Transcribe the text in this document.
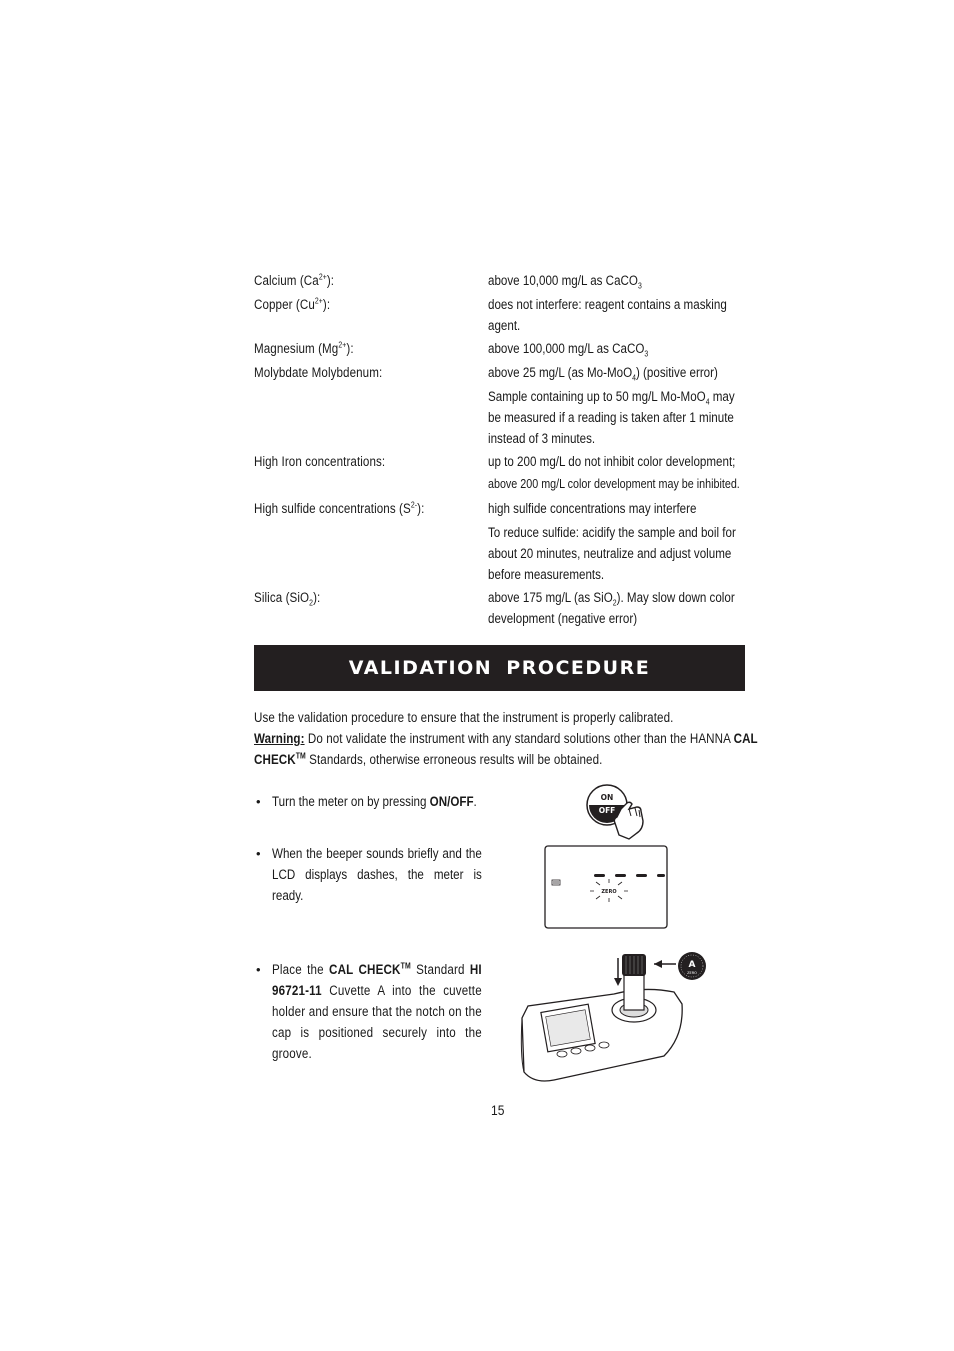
Calcium $(Ca^{2+})$:	above 10,000 mg/L as CaCO$_3$
Copper $(Cu^{2+})$:	does not interfere: reagent contains a masking
agent.
Magnesium $(Mg^{2+})$:	above 100,000 mg/L as CaCO$_3$
Molybdate Molybdenum:	above 25 mg/L (as Mo-MoO$_4$) (positive error)
Sample containing up to 50 mg/L Mo-MoO$_4$ may
be measured if a reading is taken after 1 minute
instead of 3 minutes.
High Iron concentrations:	up to 200 mg/L do not inhibit color development;
above 200 mg/L color development may be inhibited.
High sulfide concentrations $(S^{2-})$:	high sulfide concentrations may interfere
To reduce sulfide: acidify the sample and boil for
about 20 minutes, neutralize and adjust volume
before measurements.
Silica (SiO$_2$):	above 175 mg/L (as SiO$_2$). May slow down color
development (negative error)
VALIDATION PROCEDURE
Use the validation procedure to ensure that the instrument is properly calibrated.
Warning: Do not validate the instrument with any standard solutions other than the HANNA CAL
CHECK™ Standards, otherwise erroneous results will be obtained.
• Turn the meter on by pressing ON/OFF.
• When the beeper sounds briefly and the LCD displays dashes, the meter is ready.
• Place the CAL CHECK™ Standard HI 96721-11 Cuvette A into the cuvette holder and ensure that the notch on the cap is positioned securely into the groove.
ON
OFF
ZERO
A
ZERO
15
